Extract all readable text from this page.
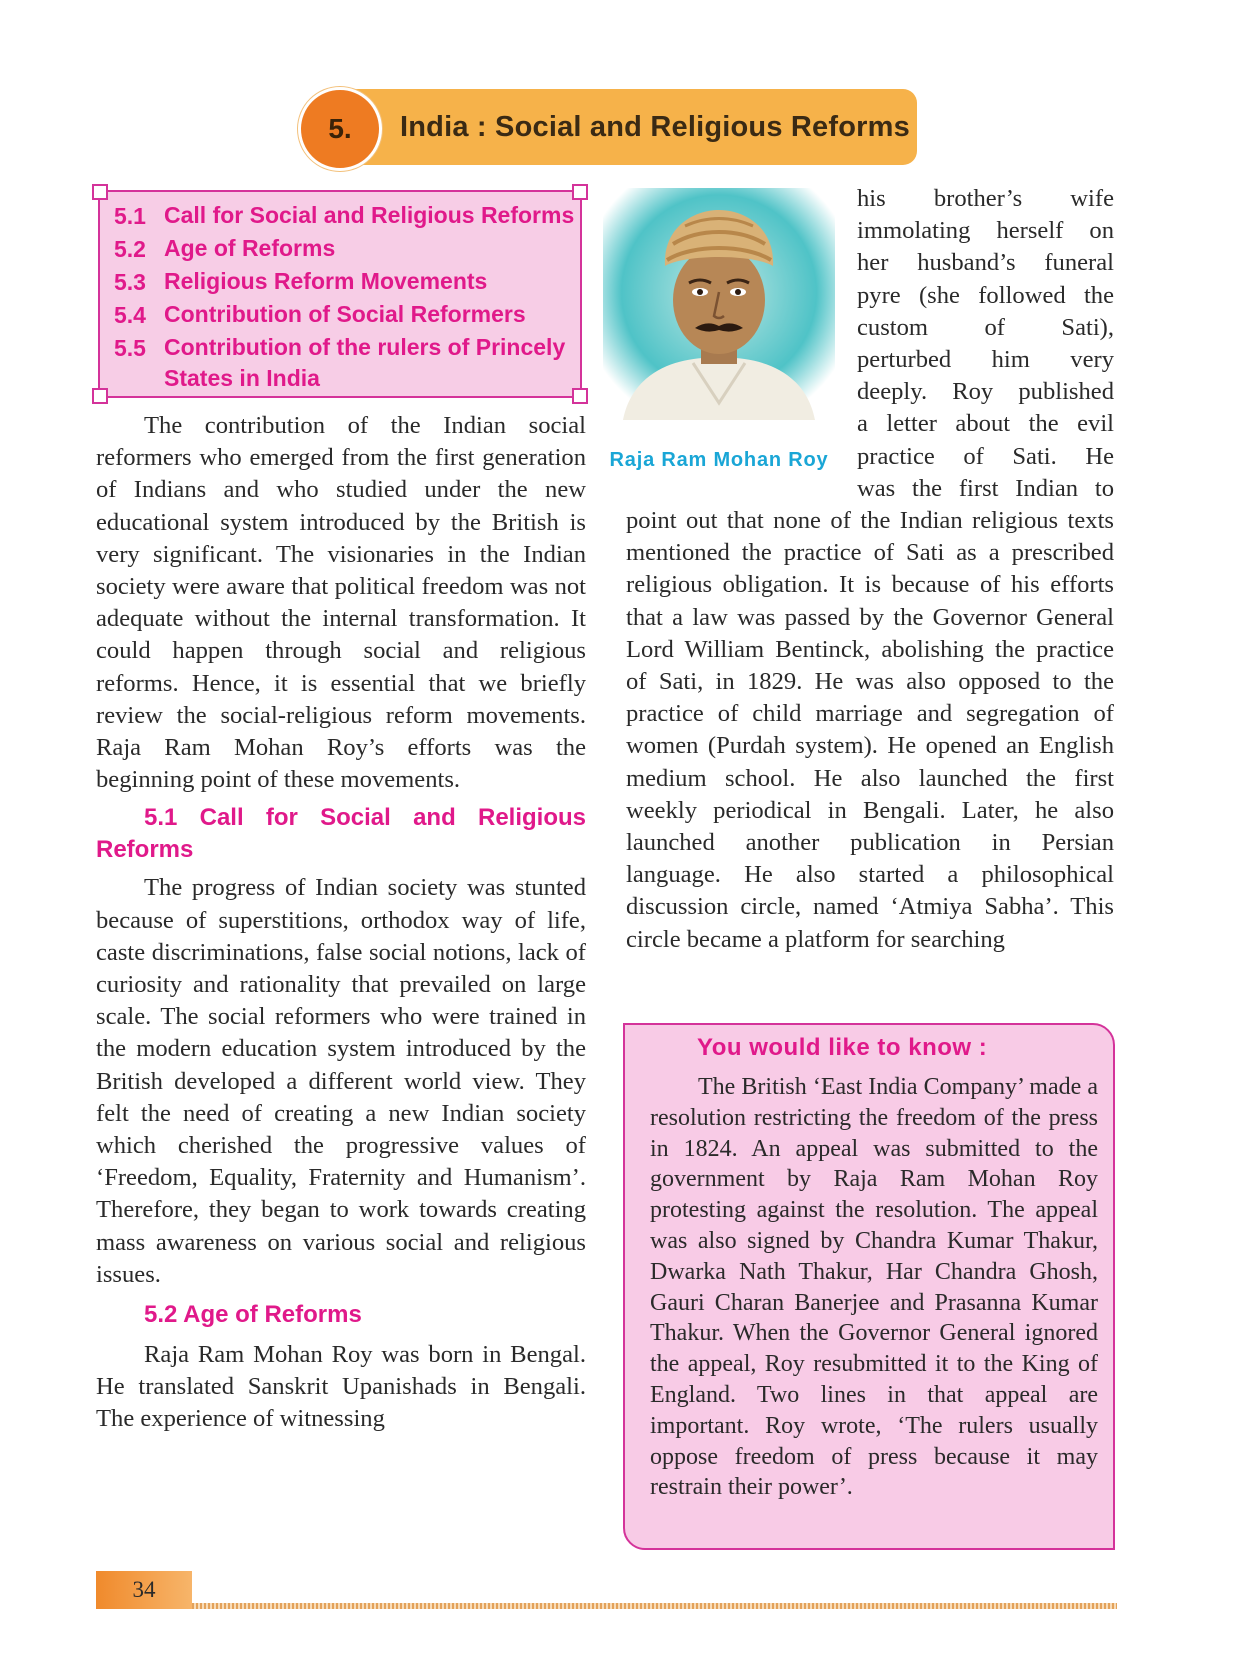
India : Social and Religious Reforms
5.
5.1 Call for Social and Religious Reforms
5.2 Age of Reforms
5.3 Religious Reform Movements
5.4 Contribution of Social Reformers
5.5 Contribution of the rulers of Princely States in India

The contribution of the Indian social reformers who emerged from the first generation of Indians and who studied under the new educational system introduced by the British is very significant. The visionaries in the Indian society were aware that political freedom was not adequate without the internal transformation. It could happen through social and religious reforms. Hence, it is essential that we briefly review the social-religious reform movements. Raja Ram Mohan Roy’s efforts was the beginning point of these movements.

5.1 Call for Social and Religious Reforms

The progress of Indian society was stunted because of superstitions, orthodox way of life, caste discriminations, false social notions, lack of curiosity and rationality that prevailed on large scale. The social reformers who were trained in the modern education system introduced by the British developed a different world view. They felt the need of creating a new Indian society which cherished the progressive values of ‘Freedom, Equality, Fraternity and Humanism’. Therefore, they began to work towards creating mass awareness on various social and religious issues.

5.2 Age of Reforms

Raja Ram Mohan Roy was born in Bengal. He translated Sanskrit Upanishads in Bengali. The experience of witnessing

Raja Ram Mohan Roy

his brother’s wife

immolating herself on

her husband’s funeral

pyre (she followed the

custom of Sati),

perturbed him very

deeply. Roy published

a letter about the evil

practice of Sati. He

was the first Indian to

point out that none of the Indian religious texts mentioned the practice of Sati as a prescribed religious obligation. It is because of his efforts that a law was passed by the Governor General Lord William Bentinck, abolishing the practice of Sati, in 1829. He was also opposed to the practice of child marriage and segregation of women (Purdah system). He opened an English medium school. He also launched the first weekly periodical in Bengali. Later, he also launched another publication in Persian language. He also started a philosophical discussion circle, named ‘Atmiya Sabha’. This circle became a platform for searching

You would like to know :
The British ‘East India Company’ made a resolution restricting the freedom of the press in 1824. An appeal was submitted to the government by Raja Ram Mohan Roy protesting against the resolution. The appeal was also signed by Chandra Kumar Thakur, Dwarka Nath Thakur, Har Chandra Ghosh, Gauri Charan Banerjee and Prasanna Kumar Thakur. When the Governor General ignored the appeal, Roy resubmitted it to the King of England. Two lines in that appeal are important. Roy wrote, ‘The rulers usually oppose freedom of press because it may restrain their power’.
34
